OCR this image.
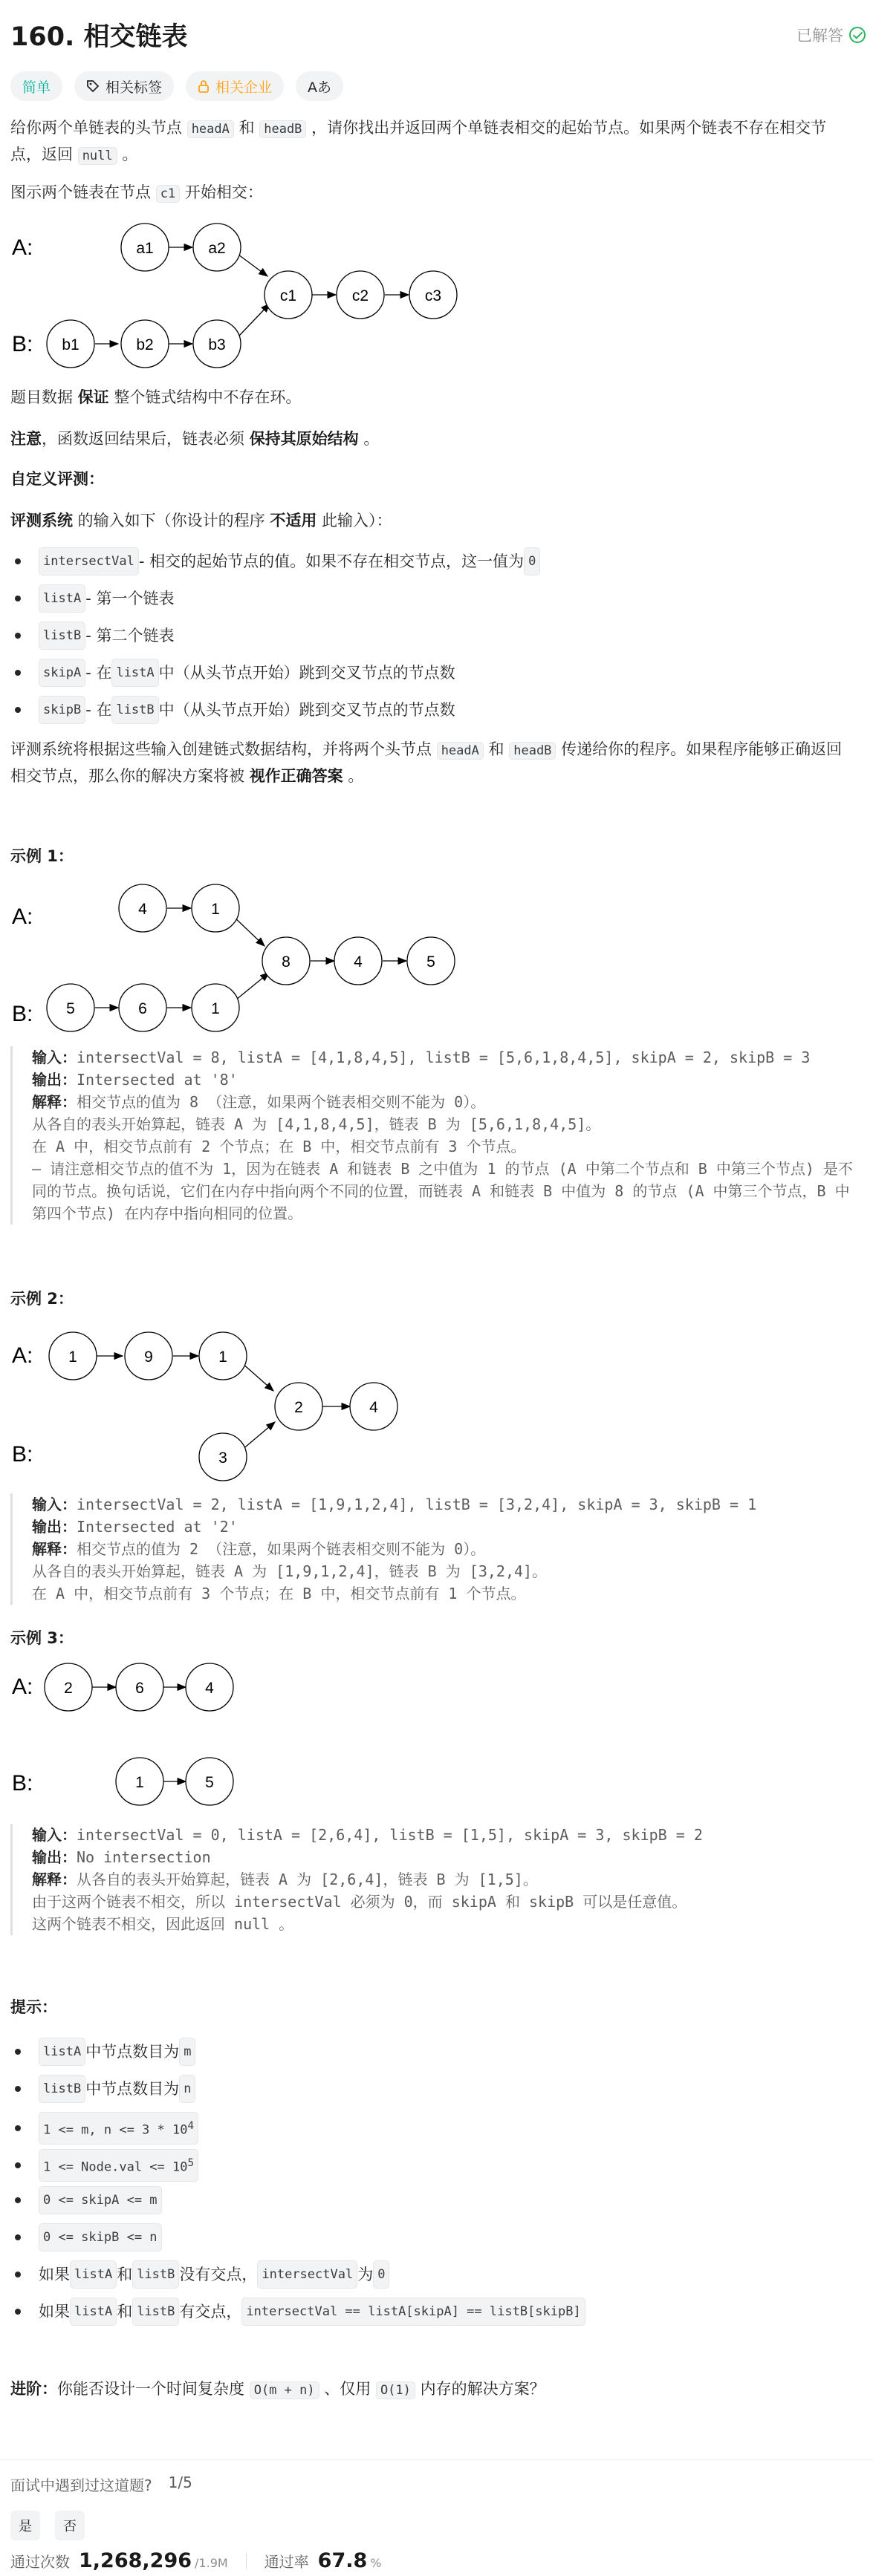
160. 相交链表	已解答
简单	相关标签	相关企业	Aあ
给你两个单链表的头节点 headA 和 headB ，请你找出并返回两个单链表相交的起始节点。如果两个链表不存在相交节点，返回 null 。
图示两个链表在节点 c1 开始相交：
A:
B:
a1	a2
b1	b2	b3
c1	c2	c3
题目数据 保证 整个链式结构中不存在环。
注意，函数返回结果后，链表必须 保持其原始结构 。
自定义评测：
评测系统 的输入如下（你设计的程序 不适用 此输入）：
intersectVal - 相交的起始节点的值。如果不存在相交节点，这一值为 0
listA - 第一个链表
listB - 第二个链表
skipA - 在 listA 中（从头节点开始）跳到交叉节点的节点数
skipB - 在 listB 中（从头节点开始）跳到交叉节点的节点数
评测系统将根据这些输入创建链式数据结构，并将两个头节点 headA 和 headB 传递给你的程序。如果程序能够正确返回相交节点，那么你的解决方案将被 视作正确答案 。
示例 1：
A:
B:
4	1
5	6	1
8	4	5
输入：intersectVal = 8, listA = [4,1,8,4,5], listB = [5,6,1,8,4,5], skipA = 2, skipB = 3
输出：Intersected at '8'
解释：相交节点的值为 8 （注意，如果两个链表相交则不能为 0）。
从各自的表头开始算起，链表 A 为 [4,1,8,4,5]，链表 B 为 [5,6,1,8,4,5]。
在 A 中，相交节点前有 2 个节点；在 B 中，相交节点前有 3 个节点。
— 请注意相交节点的值不为 1，因为在链表 A 和链表 B 之中值为 1 的节点 (A 中第二个节点和 B 中第三个节点) 是不同的节点。换句话说，它们在内存中指向两个不同的位置，而链表 A 和链表 B 中值为 8 的节点 (A 中第三个节点，B 中第四个节点) 在内存中指向相同的位置。
示例 2：
A:
B:
1	9	1
3
2	4
输入：intersectVal = 2, listA = [1,9,1,2,4], listB = [3,2,4], skipA = 3, skipB = 1
输出：Intersected at '2'
解释：相交节点的值为 2 （注意，如果两个链表相交则不能为 0）。
从各自的表头开始算起，链表 A 为 [1,9,1,2,4]，链表 B 为 [3,2,4]。
在 A 中，相交节点前有 3 个节点；在 B 中，相交节点前有 1 个节点。
示例 3：
A:
B:
2	6	4
1	5
输入：intersectVal = 0, listA = [2,6,4], listB = [1,5], skipA = 3, skipB = 2
输出：No intersection
解释：从各自的表头开始算起，链表 A 为 [2,6,4]，链表 B 为 [1,5]。
由于这两个链表不相交，所以 intersectVal 必须为 0，而 skipA 和 skipB 可以是任意值。
这两个链表不相交，因此返回 null 。
提示：
listA 中节点数目为 m
listB 中节点数目为 n
1 <= m, $n <= 3 * 10^4$
1 <= Node.val <= $10^5$
0 <= skipA <= m
0 <= skipB <= n
如果 listA 和 listB 没有交点， intersectVal 为 0
如果 listA 和 listB 有交点， intersectVal == listA[skipA] == listB[skipB]
进阶：你能否设计一个时间复杂度 O(m + n) 、仅用 O(1) 内存的解决方案？
面试中遇到过这道题? 1/5
是	否
通过次数 1,268,296 /1.9M 通过率 67.8 %
